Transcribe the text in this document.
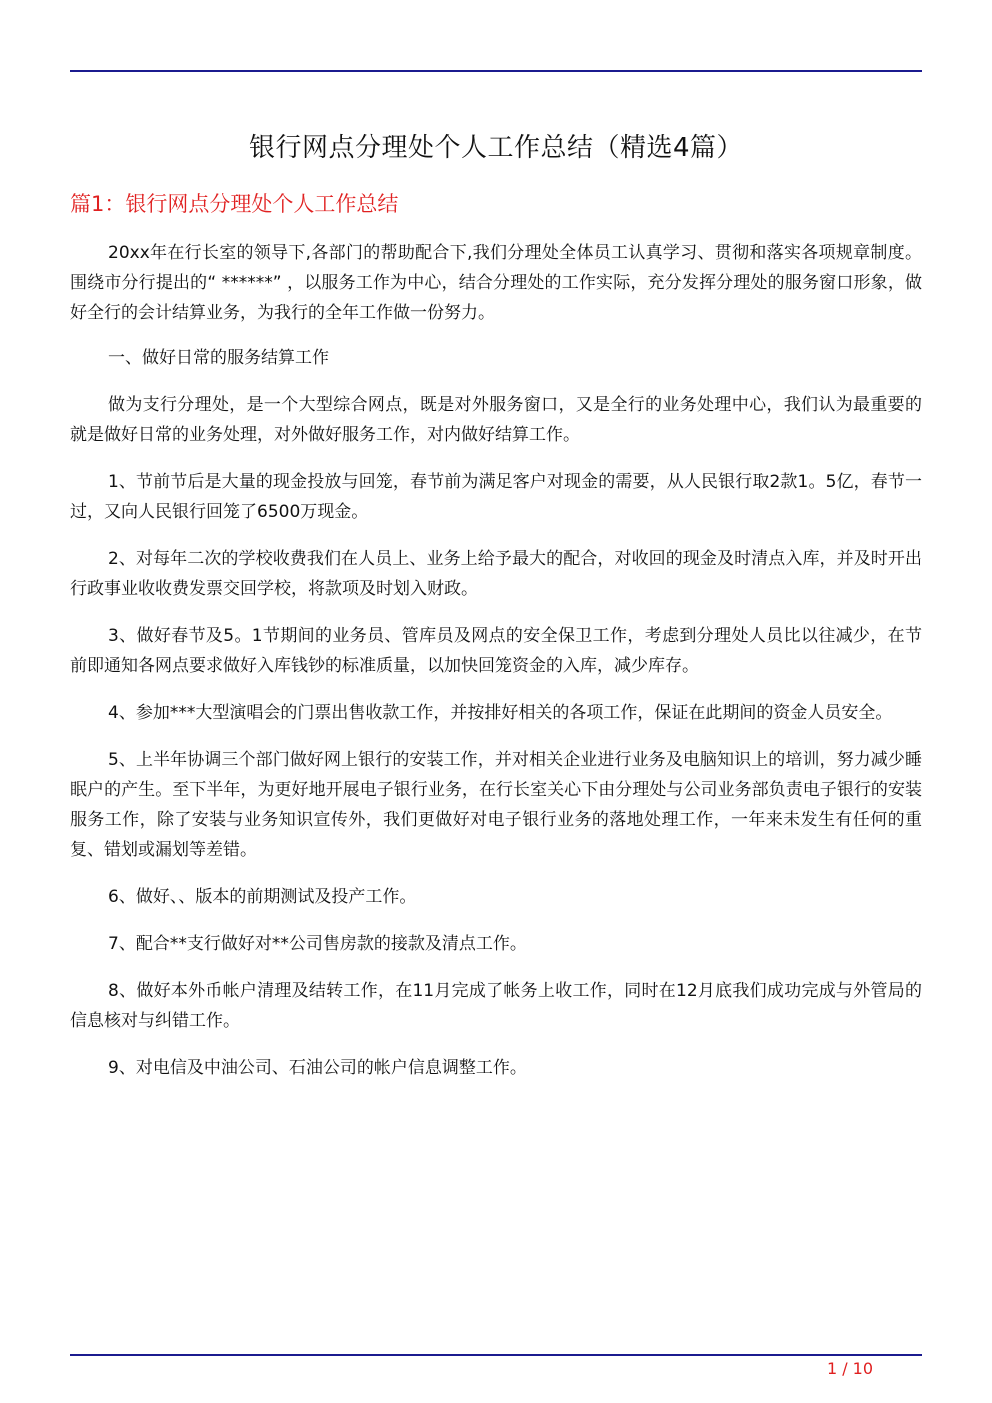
银行网点分理处个人工作总结（精选4篇）
篇1：银行网点分理处个人工作总结

20xx年在行长室的领导下,各部门的帮助配合下,我们分理处全体员工认真学习、贯彻和落实各项规章制度。围绕市分行提出的“ ******” ，以服务工作为中心，结合分理处的工作实际，充分发挥分理处的服务窗口形象，做好全行的会计结算业务，为我行的全年工作做一份努力。

一、做好日常的服务结算工作

做为支行分理处，是一个大型综合网点，既是对外服务窗口，又是全行的业务处理中心，我们认为最重要的就是做好日常的业务处理，对外做好服务工作，对内做好结算工作。

1、节前节后是大量的现金投放与回笼，春节前为满足客户对现金的需要，从人民银行取2款1。5亿，春节一过，又向人民银行回笼了6500万现金。

2、对每年二次的学校收费我们在人员上、业务上给予最大的配合，对收回的现金及时清点入库，并及时开出行政事业收收费发票交回学校，将款项及时划入财政。

3、做好春节及5。1节期间的业务员、管库员及网点的安全保卫工作，考虑到分理处人员比以往减少，在节前即通知各网点要求做好入库钱钞的标准质量，以加快回笼资金的入库，减少库存。

4、参加***大型演唱会的门票出售收款工作，并按排好相关的各项工作，保证在此期间的资金人员安全。

5、上半年协调三个部门做好网上银行的安装工作，并对相关企业进行业务及电脑知识上的培训，努力减少睡眠户的产生。至下半年，为更好地开展电子银行业务，在行长室关心下由分理处与公司业务部负责电子银行的安装服务工作，除了安装与业务知识宣传外，我们更做好对电子银行业务的落地处理工作，一年来未发生有任何的重复、错划或漏划等差错。

6、做好、、版本的前期测试及投产工作。

7、配合**支行做好对**公司售房款的接款及清点工作。

8、做好本外币帐户清理及结转工作，在11月完成了帐务上收工作，同时在12月底我们成功完成与外管局的信息核对与纠错工作。

9、对电信及中油公司、石油公司的帐户信息调整工作。

1 / 10
